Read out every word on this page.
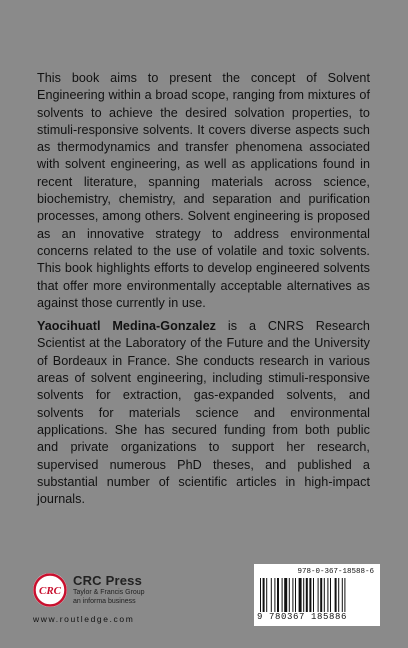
This book aims to present the concept of Solvent Engineering within a broad scope, ranging from mixtures of solvents to achieve the desired solvation properties, to stimuli-responsive solvents. It covers diverse aspects such as thermodynamics and transfer phenomena associated with solvent engineering, as well as applications found in recent literature, spanning materials across science, biochemistry, chemistry, and separation and purification processes, among others. Solvent engineering is proposed as an innovative strategy to address environmental concerns related to the use of volatile and toxic solvents. This book highlights efforts to develop engineered solvents that offer more environmentally acceptable alternatives as against those currently in use.

Yaocihuatl Medina-Gonzalez is a CNRS Research Scientist at the Laboratory of the Future and the University of Bordeaux in France. She conducts research in various areas of solvent engineering, including stimuli-responsive solvents for extraction, gas-expanded solvents, and solvents for materials science and environmental applications. She has secured funding from both public and private organizations to support her research, supervised numerous PhD theses, and published a substantial number of scientific articles in high-impact journals.

CRC
CRC Press
Taylor & Francis Group
an informa business
www.routledge.com
978-0-367-18588-6
9 780367 185886
